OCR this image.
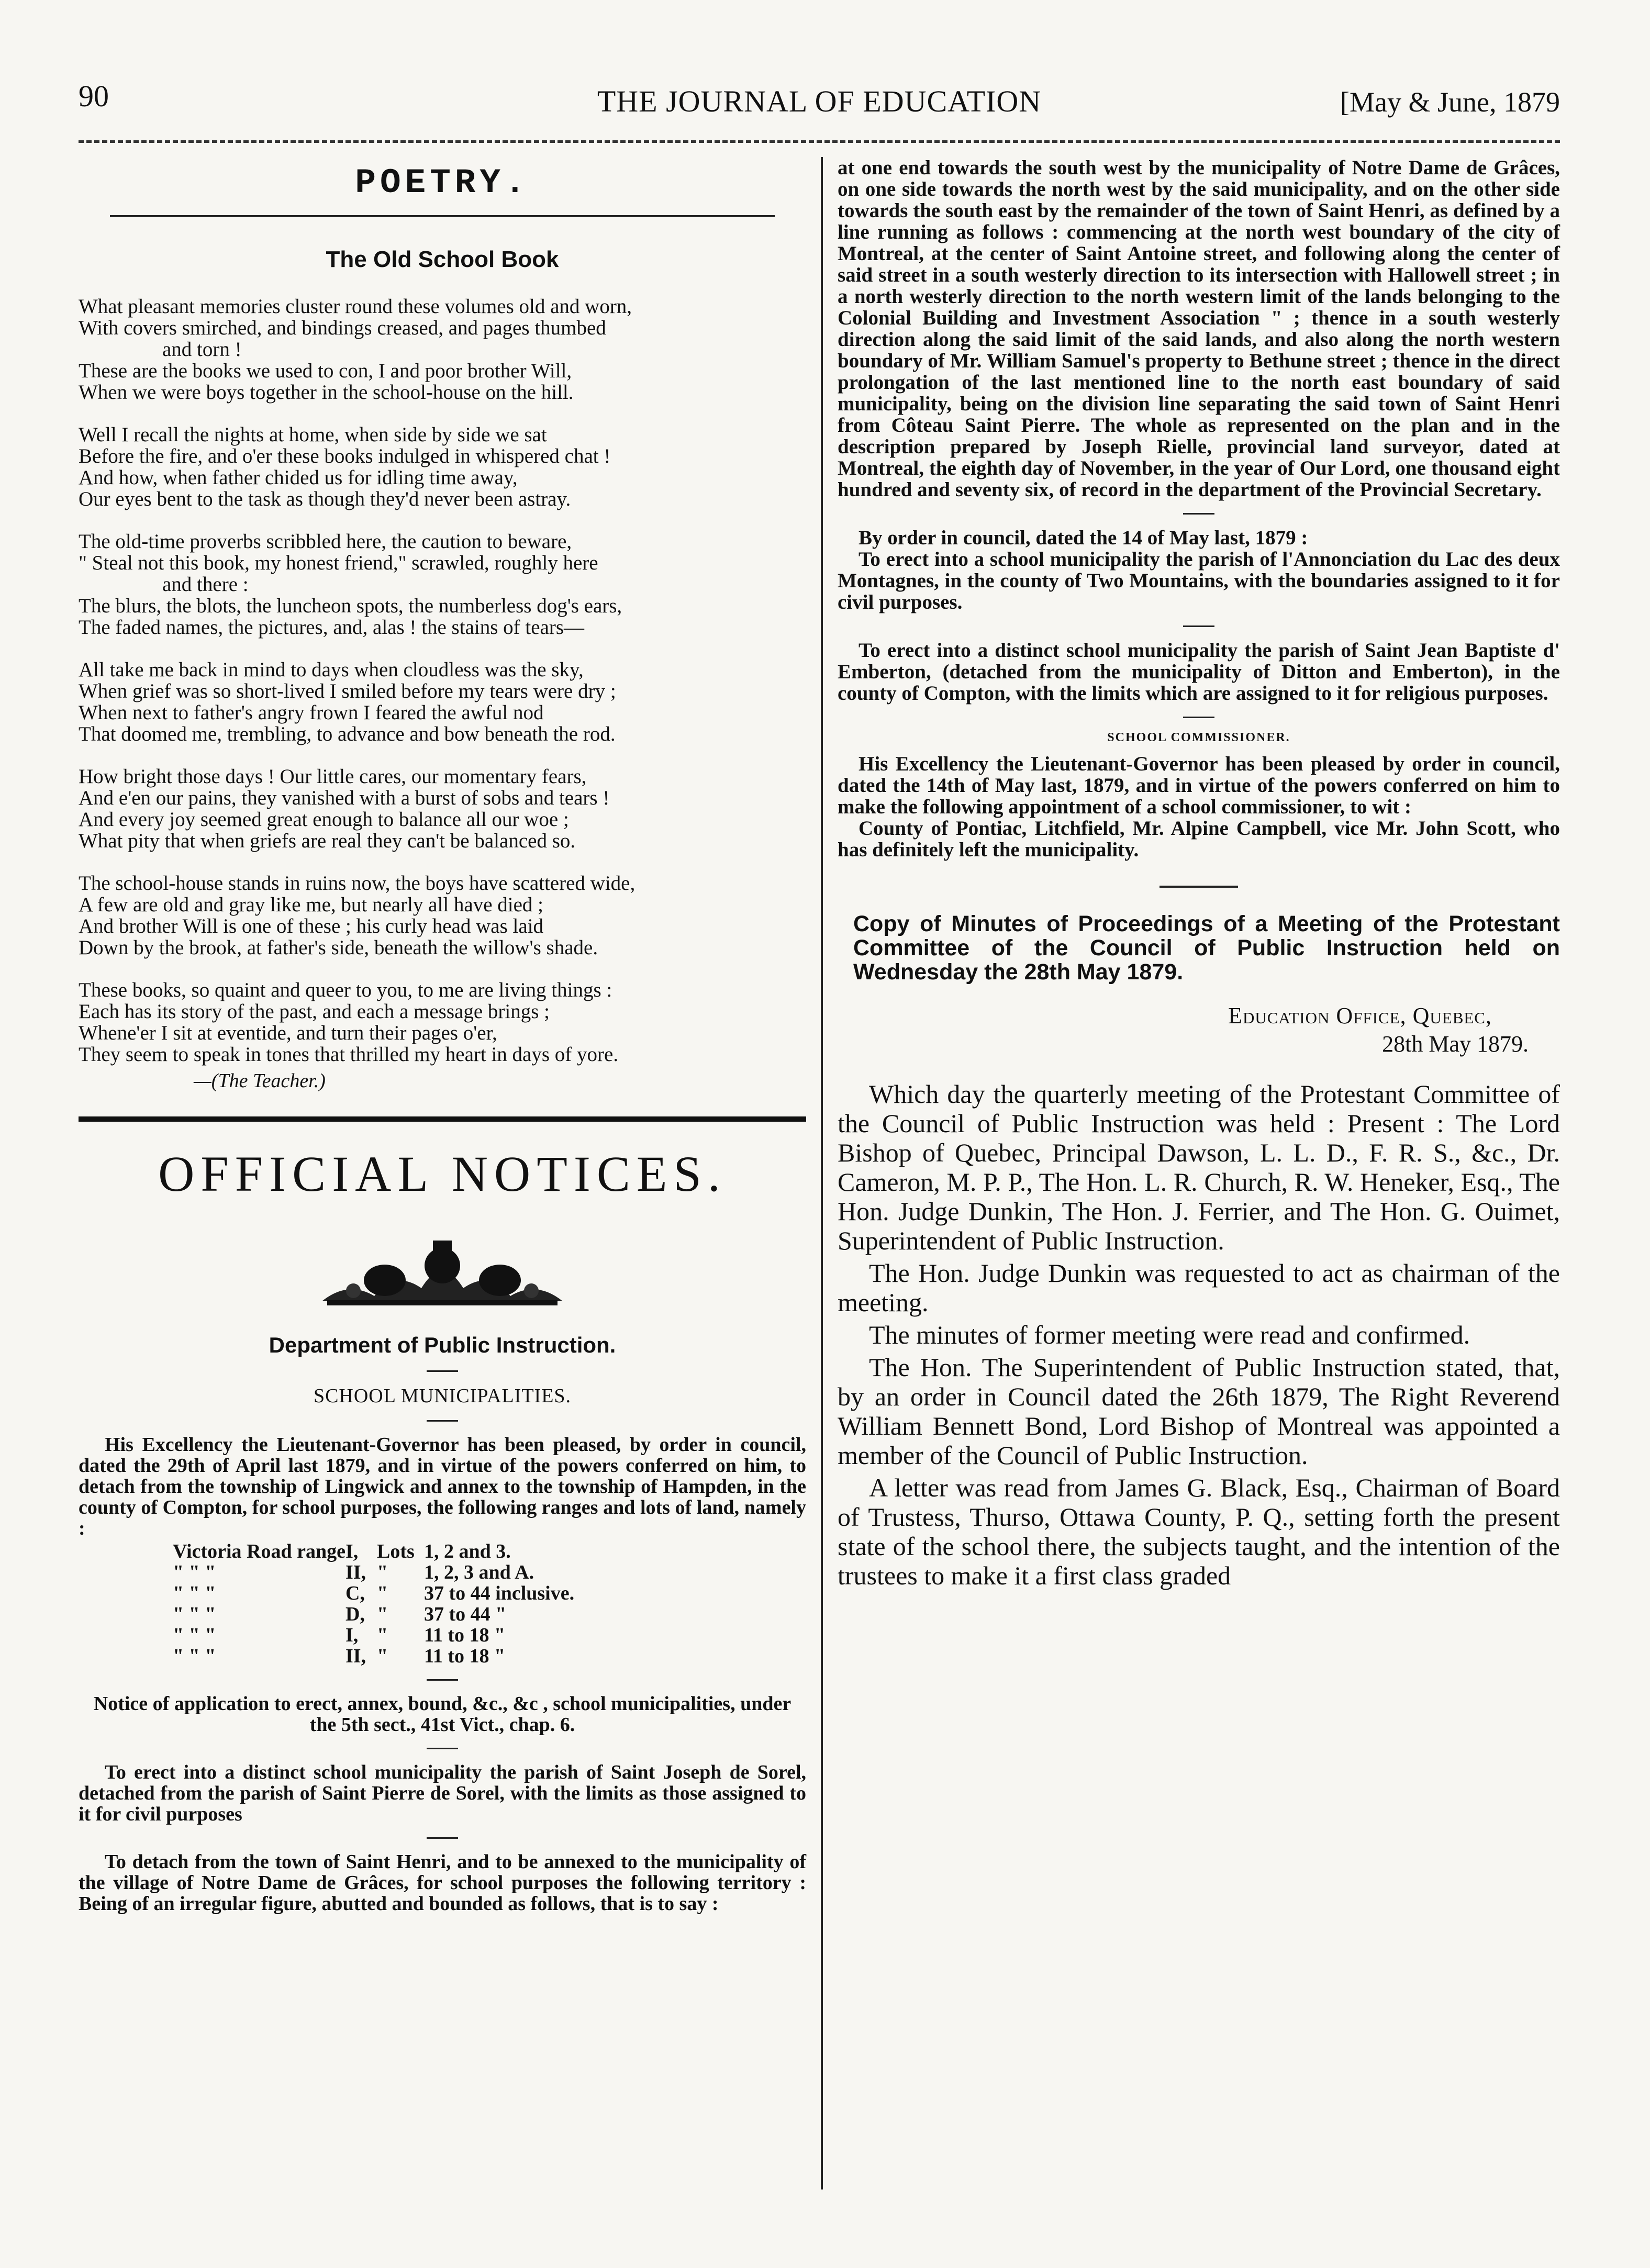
90	THE JOURNAL OF EDUCATION	[May & June, 1879
POETRY.
The Old School Book

What pleasant memories cluster round these volumes old and worn,

With covers smirched, and bindings creased, and pages thumbed

and torn !

These are the books we used to con, I and poor brother Will,

When we were boys together in the school-house on the hill.

Well I recall the nights at home, when side by side we sat

Before the fire, and o'er these books indulged in whispered chat !

And how, when father chided us for idling time away,

Our eyes bent to the task as though they'd never been astray.

The old-time proverbs scribbled here, the caution to beware,

" Steal not this book, my honest friend," scrawled, roughly here

and there :

The blurs, the blots, the luncheon spots, the numberless dog's ears,

The faded names, the pictures, and, alas ! the stains of tears—

All take me back in mind to days when cloudless was the sky,

When grief was so short-lived I smiled before my tears were dry ;

When next to father's angry frown I feared the awful nod

That doomed me, trembling, to advance and bow beneath the rod.

How bright those days ! Our little cares, our momentary fears,

And e'en our pains, they vanished with a burst of sobs and tears !

And every joy seemed great enough to balance all our woe ;

What pity that when griefs are real they can't be balanced so.

The school-house stands in ruins now, the boys have scattered wide,

A few are old and gray like me, but nearly all have died ;

And brother Will is one of these ; his curly head was laid

Down by the brook, at father's side, beneath the willow's shade.

These books, so quaint and queer to you, to me are living things :

Each has its story of the past, and each a message brings ;

Whene'er I sit at eventide, and turn their pages o'er,

They seem to speak in tones that thrilled my heart in days of yore.

—(The Teacher.)

OFFICIAL NOTICES.
Department of Public Instruction.
SCHOOL MUNICIPALITIES.

His Excellency the Lieutenant-Governor has been pleased, by order in council, dated the 29th of April last 1879, and in virtue of the powers conferred on him, to detach from the township of Lingwick and annex to the township of Hampden, in the county of Compton, for school purposes, the following ranges and lots of land, namely :

Victoria Road range	I,	Lots	1, 2 and 3.
" " "	II,	"	1, 2, 3 and A.
" " "	C,	"	37 to 44 inclusive.
" " "	D,	"	37 to 44 "
" " "	I,	"	11 to 18 "
" " "	II,	"	11 to 18 "

Notice of application to erect, annex, bound, &c., &c , school municipalities, under the 5th sect., 41st Vict., chap. 6.

To erect into a distinct school municipality the parish of Saint Joseph de Sorel, detached from the parish of Saint Pierre de Sorel, with the limits as those assigned to it for civil purposes

To detach from the town of Saint Henri, and to be annexed to the municipality of the village of Notre Dame de Grâces, for school purposes the following territory : Being of an irregular figure, abutted and bounded as follows, that is to say :

at one end towards the south west by the municipality of Notre Dame de Grâces, on one side towards the north west by the said municipality, and on the other side towards the south east by the remainder of the town of Saint Henri, as defined by a line running as follows : commencing at the north west boundary of the city of Montreal, at the center of Saint Antoine street, and following along the center of said street in a south westerly direction to its intersection with Hallowell street ; in a north westerly direction to the north western limit of the lands belonging to the Colonial Building and Investment Association " ; thence in a south westerly direction along the said limit of the said lands, and also along the north western boundary of Mr. William Samuel's property to Bethune street ; thence in the direct prolongation of the last mentioned line to the north east boundary of said municipality, being on the division line separating the said town of Saint Henri from Côteau Saint Pierre. The whole as represented on the plan and in the description prepared by Joseph Rielle, provincial land surveyor, dated at Montreal, the eighth day of November, in the year of Our Lord, one thousand eight hundred and seventy six, of record in the department of the Provincial Secretary.

By order in council, dated the 14 of May last, 1879 :

To erect into a school municipality the parish of l'Annonciation du Lac des deux Montagnes, in the county of Two Mountains, with the boundaries assigned to it for civil purposes.

To erect into a distinct school municipality the parish of Saint Jean Baptiste d' Emberton, (detached from the municipality of Ditton and Emberton), in the county of Compton, with the limits which are assigned to it for religious purposes.

SCHOOL COMMISSIONER.

His Excellency the Lieutenant-Governor has been pleased by order in council, dated the 14th of May last, 1879, and in virtue of the powers conferred on him to make the following appointment of a school commissioner, to wit :

County of Pontiac, Litchfield, Mr. Alpine Campbell, vice Mr. John Scott, who has definitely left the municipality.

Copy of Minutes of Proceedings of a Meeting of the Protestant Committee of the Council of Public Instruction held on Wednesday the 28th May 1879.

Education Office, Quebec,
28th May 1879.

Which day the quarterly meeting of the Protestant Committee of the Council of Public Instruction was held : Present : The Lord Bishop of Quebec, Principal Dawson, L. L. D., F. R. S., &c., Dr. Cameron, M. P. P., The Hon. L. R. Church, R. W. Heneker, Esq., The Hon. Judge Dunkin, The Hon. J. Ferrier, and The Hon. G. Ouimet, Superintendent of Public Instruction.

The Hon. Judge Dunkin was requested to act as chairman of the meeting.

The minutes of former meeting were read and confirmed.

The Hon. The Superintendent of Public Instruction stated, that, by an order in Council dated the 26th 1879, The Right Reverend William Bennett Bond, Lord Bishop of Montreal was appointed a member of the Council of Public Instruction.

A letter was read from James G. Black, Esq., Chairman of Board of Trustess, Thurso, Ottawa County, P. Q., setting forth the present state of the school there, the subjects taught, and the intention of the trustees to make it a first class graded
